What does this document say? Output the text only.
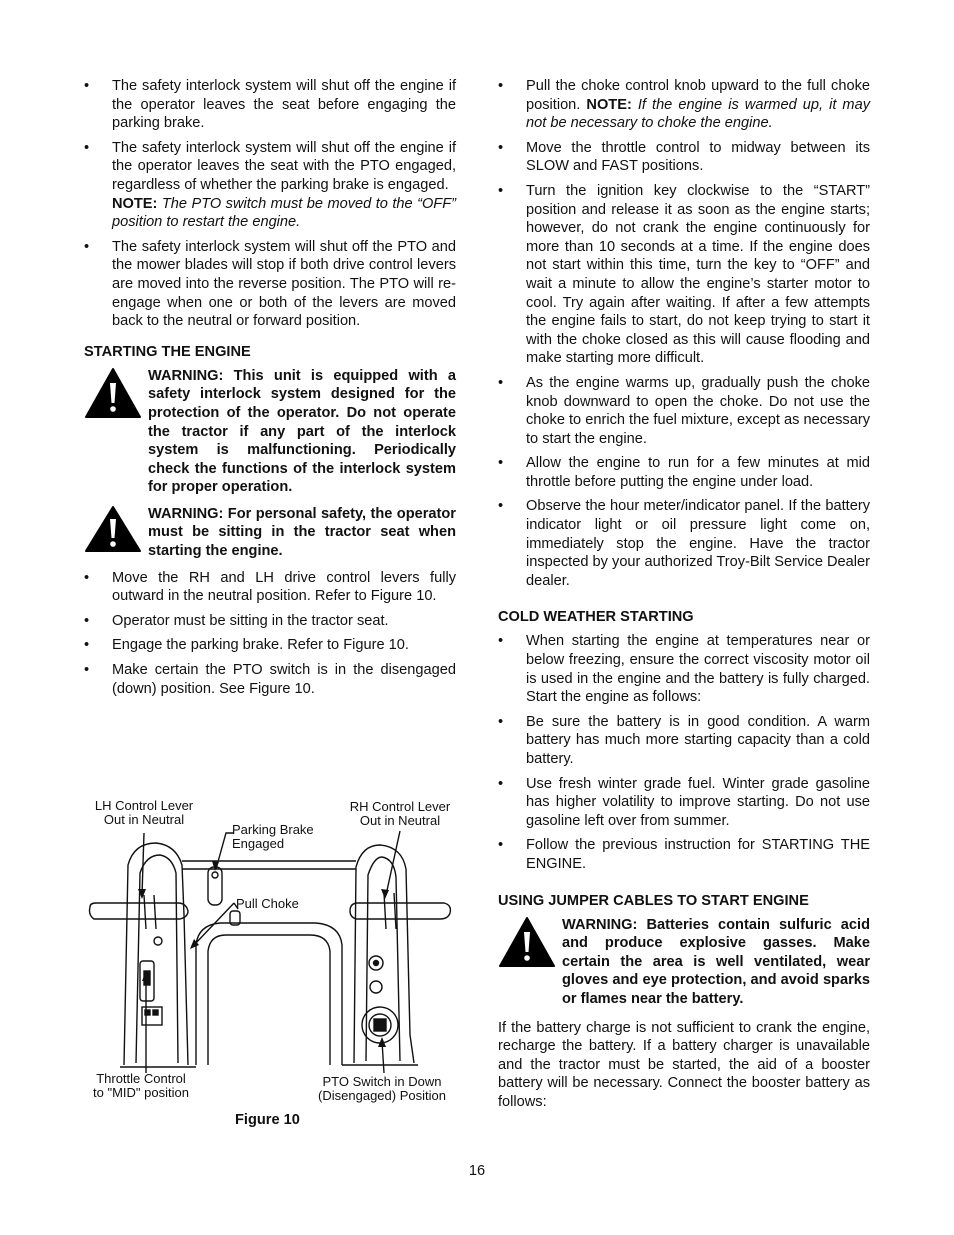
• The safety interlock system will shut off the engine if the operator leaves the seat before engaging the parking brake.
• The safety interlock system will shut off the engine if the operator leaves the seat with the PTO engaged, regardless of whether the parking brake is engaged.
NOTE: The PTO switch must be moved to the “OFF” position to restart the engine.
• The safety interlock system will shut off the PTO and the mower blades will stop if both drive control levers are moved into the reverse position. The PTO will re-engage when one or both of the levers are moved back to the neutral or forward position.
STARTING THE ENGINE
WARNING: This unit is equipped with a safety interlock system designed for the protection of the operator. Do not operate the tractor if any part of the interlock system is malfunctioning. Periodically check the functions of the interlock system for proper operation.
WARNING: For personal safety, the operator must be sitting in the tractor seat when starting the engine.
• Move the RH and LH drive control levers fully outward in the neutral position. Refer to Figure 10.
• Operator must be sitting in the tractor seat.
• Engage the parking brake. Refer to Figure 10.
• Make certain the PTO switch is in the disengaged (down) position. See Figure 10.
LH Control Lever
Out in Neutral
RH Control Lever
Out in Neutral
Parking Brake
Engaged
Pull Choke
Throttle Control
to "MID" position
PTO Switch in Down
(Disengaged) Position
Figure 10
• Pull the choke control knob upward to the full choke position. NOTE: If the engine is warmed up, it may not be necessary to choke the engine.
• Move the throttle control to midway between its SLOW and FAST positions.
• Turn the ignition key clockwise to the “START” position and release it as soon as the engine starts; however, do not crank the engine continuously for more than 10 seconds at a time. If the engine does not start within this time, turn the key to “OFF” and wait a minute to allow the engine’s starter motor to cool. Try again after waiting. If after a few attempts the engine fails to start, do not keep trying to start it with the choke closed as this will cause flooding and make starting more difficult.
• As the engine warms up, gradually push the choke knob downward to open the choke. Do not use the choke to enrich the fuel mixture, except as necessary to start the engine.
• Allow the engine to run for a few minutes at mid throttle before putting the engine under load.
• Observe the hour meter/indicator panel. If the battery indicator light or oil pressure light come on, immediately stop the engine. Have the tractor inspected by your authorized Troy-Bilt Service Dealer dealer.
COLD WEATHER STARTING
• When starting the engine at temperatures near or below freezing, ensure the correct viscosity motor oil is used in the engine and the battery is fully charged. Start the engine as follows:
• Be sure the battery is in good condition. A warm battery has much more starting capacity than a cold battery.
• Use fresh winter grade fuel. Winter grade gasoline has higher volatility to improve starting. Do not use gasoline left over from summer.
• Follow the previous instruction for STARTING THE ENGINE.
USING JUMPER CABLES TO START ENGINE
WARNING: Batteries contain sulfuric acid and produce explosive gasses. Make certain the area is well ventilated, wear gloves and eye protection, and avoid sparks or flames near the battery.

If the battery charge is not sufficient to crank the engine, recharge the battery. If a battery charger is unavailable and the tractor must be started, the aid of a booster battery will be necessary. Connect the booster battery as follows:

16
